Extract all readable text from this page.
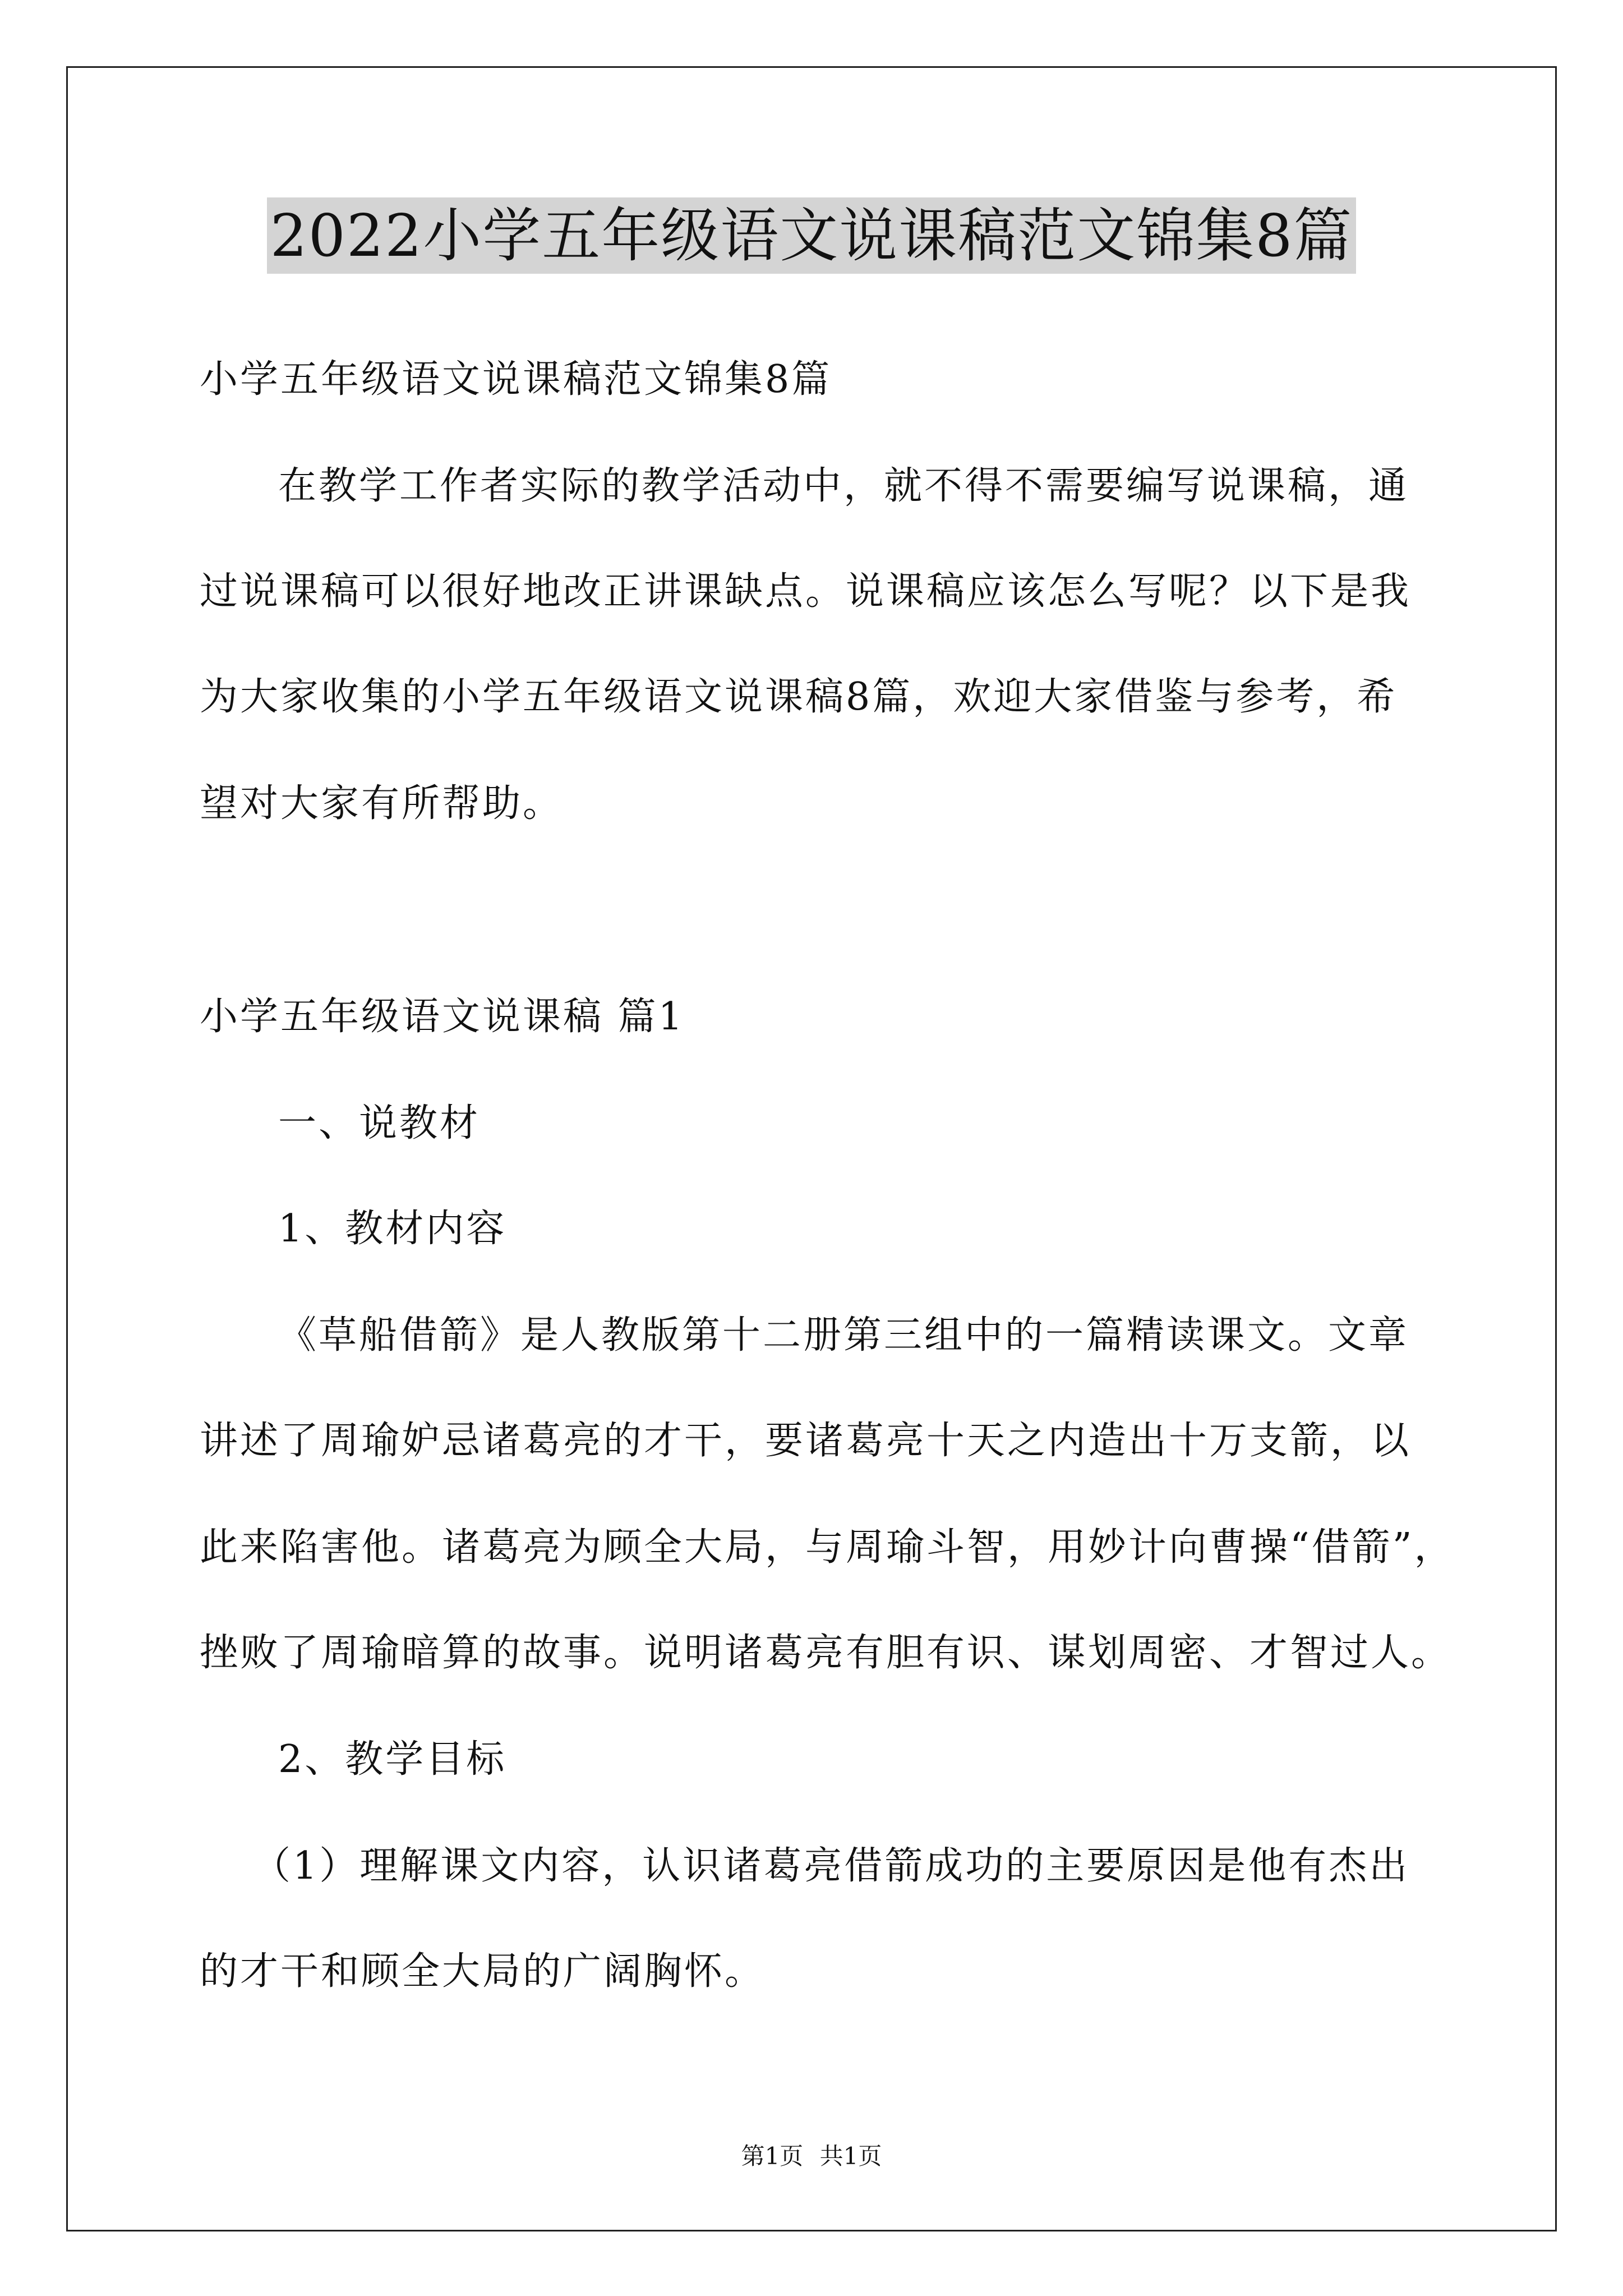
2022小学五年级语文说课稿范文锦集8篇
小学五年级语文说课稿范文锦集8篇
在教学工作者实际的教学活动中，就不得不需要编写说课稿，通
过说课稿可以很好地改正讲课缺点。说课稿应该怎么写呢？以下是我
为大家收集的小学五年级语文说课稿8篇，欢迎大家借鉴与参考，希
望对大家有所帮助。
小学五年级语文说课稿 篇1
一、说教材
1、教材内容
《草船借箭》是人教版第十二册第三组中的一篇精读课文。文章
讲述了周瑜妒忌诸葛亮的才干，要诸葛亮十天之内造出十万支箭，以
此来陷害他。诸葛亮为顾全大局，与周瑜斗智，用妙计向曹操“借箭”，
挫败了周瑜暗算的故事。说明诸葛亮有胆有识、谋划周密、才智过人。
2、教学目标
（1）理解课文内容，认识诸葛亮借箭成功的主要原因是他有杰出
的才干和顾全大局的广阔胸怀。
第1页 共1页
